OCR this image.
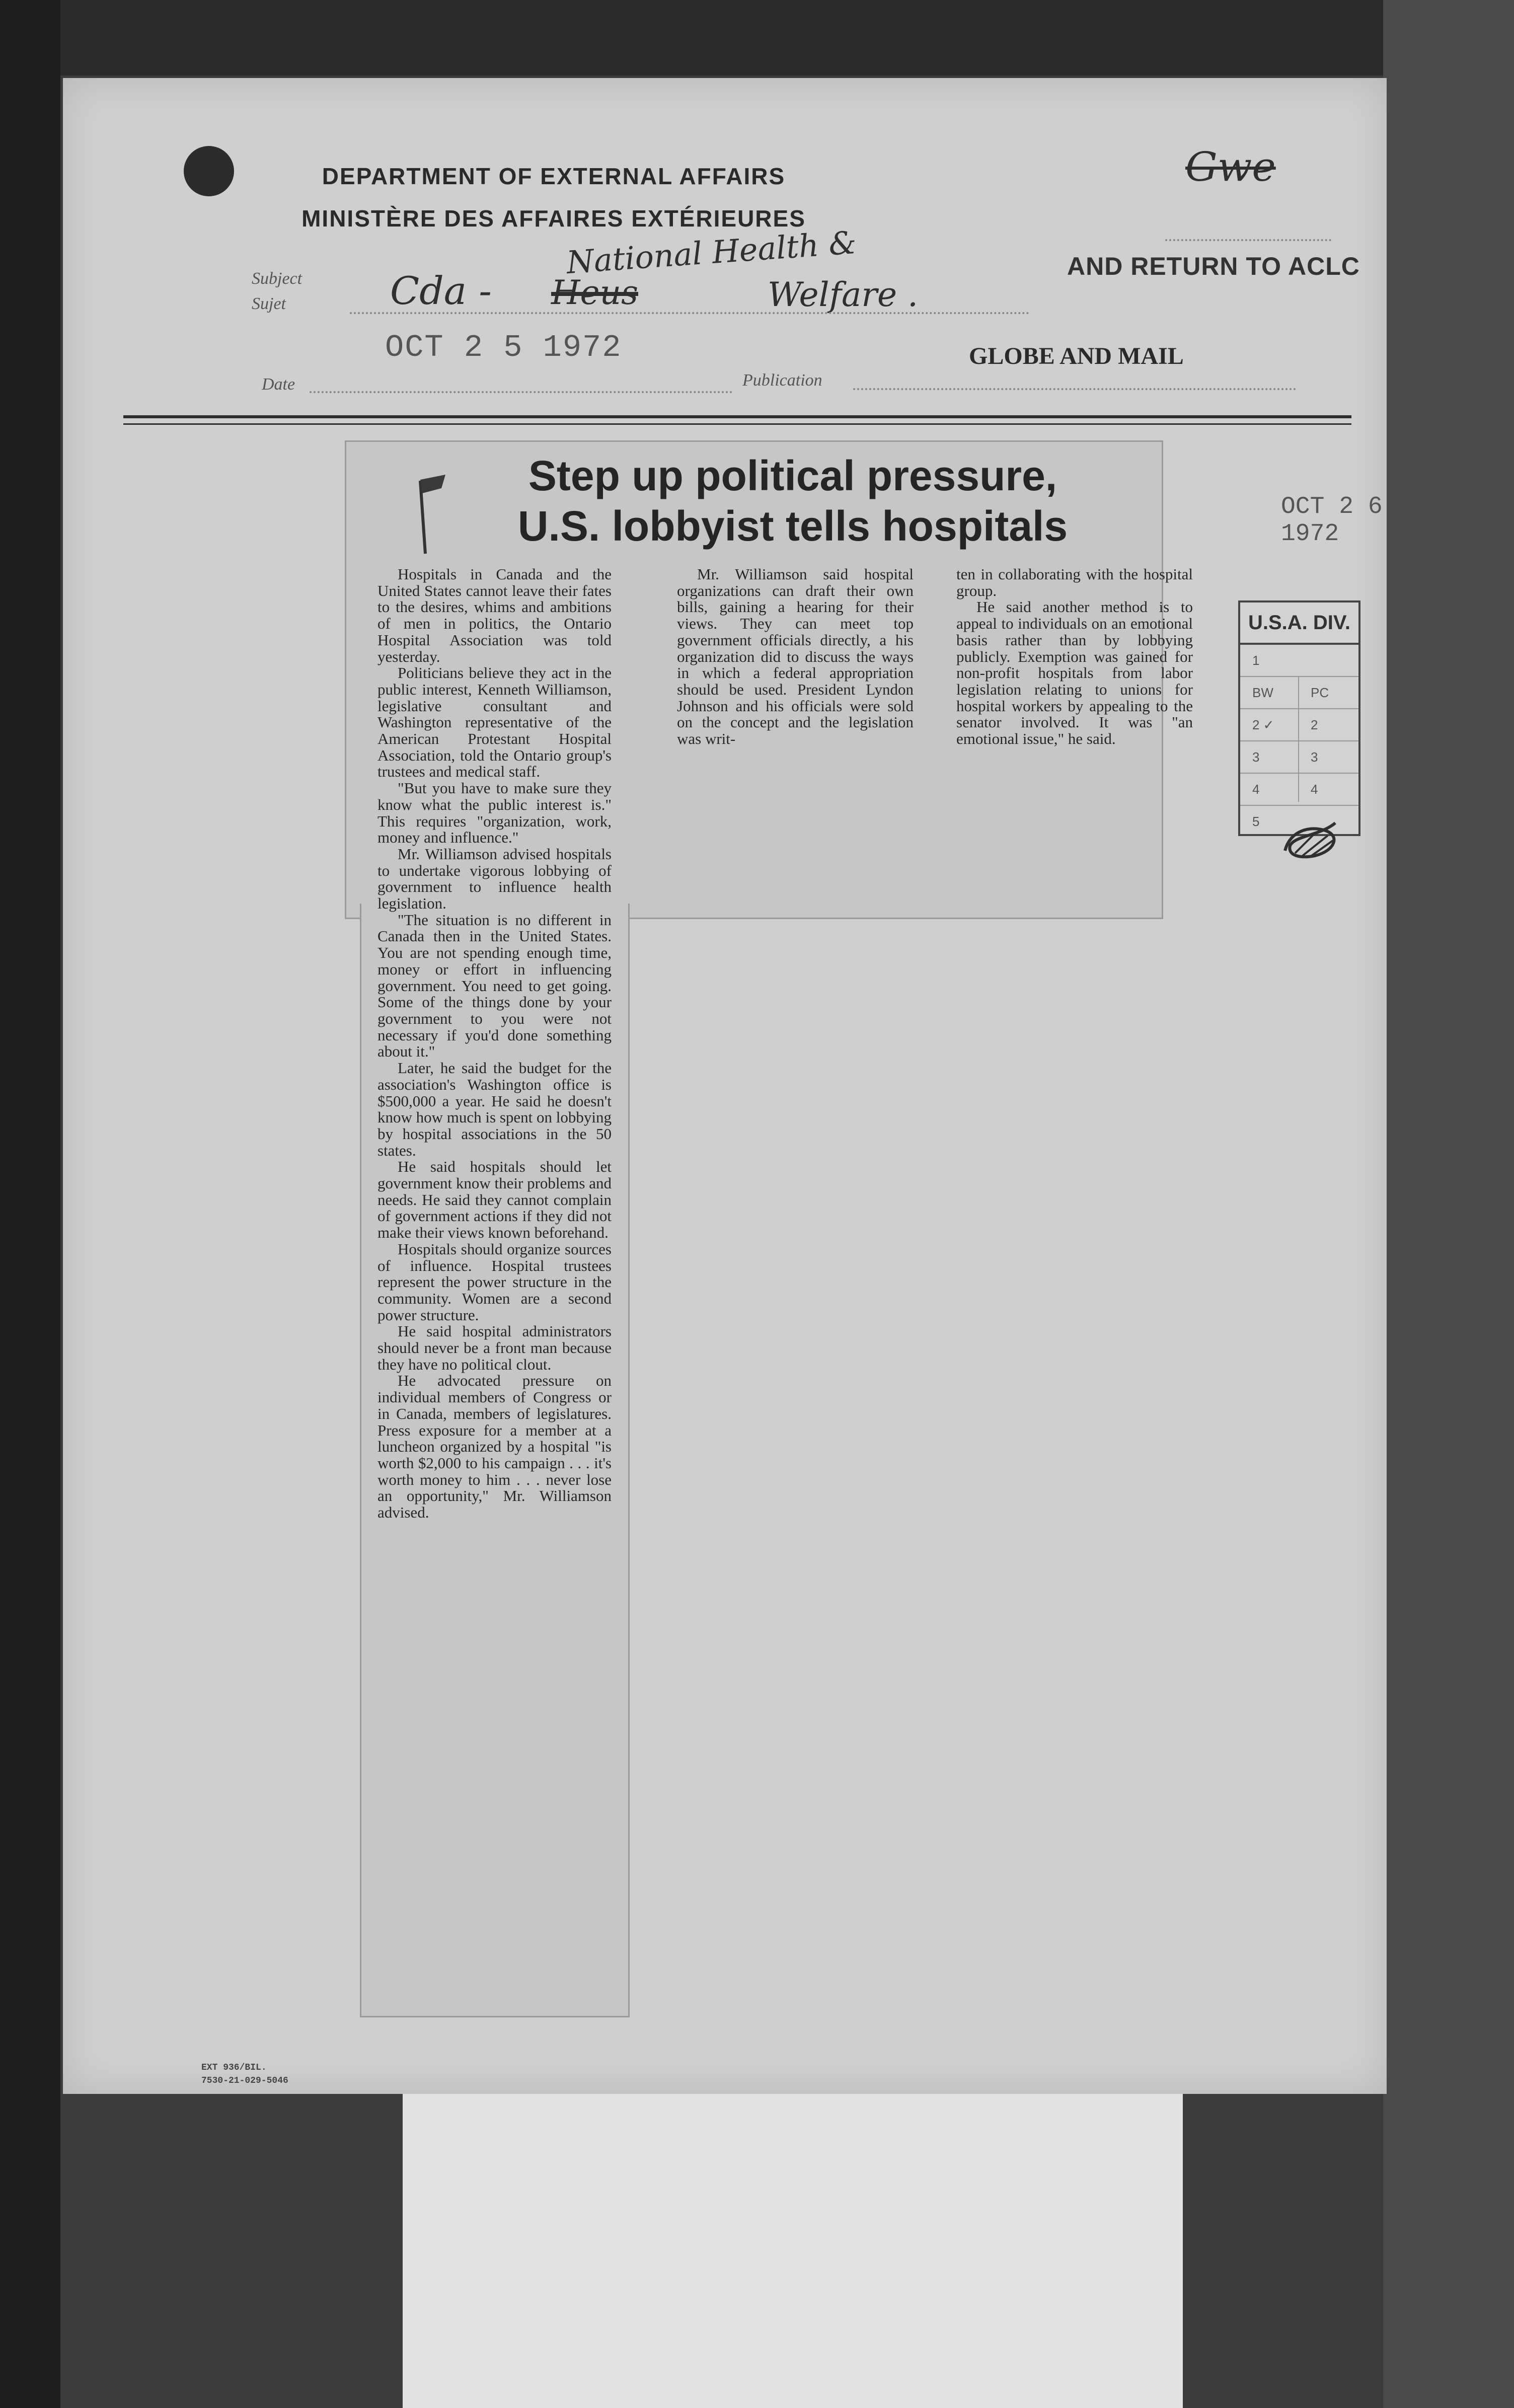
DEPARTMENT OF EXTERNAL AFFAIRS
MINISTÈRE DES AFFAIRES EXTÉRIEURES
Gwe
AND RETURN TO ACLC
Subject
Sujet
National Health &
Cda - Heus	Welfare .
OCT 2 5 1972	GLOBE AND MAIL
Date	Publication
Step up political pressure,
U.S. lobbyist tells hospitals

Hospitals in Canada and the United States cannot leave their fates to the desires, whims and ambitions of men in politics, the Ontario Hospital Association was told yesterday.

Politicians believe they act in the public interest, Kenneth Williamson, legislative consultant and Washington representative of the American Protestant Hospital Association, told the Ontario group's trustees and medical staff.

"But you have to make sure they know what the public interest is." This requires "organization, work, money and influence."

Mr. Williamson advised hospitals to undertake vigorous lobbying of government to influence health legislation.

"The situation is no different in Canada then in the United States. You are not spending enough time, money or effort in influencing government. You need to get going. Some of the things done by your government to you were not necessary if you'd done something about it."

Later, he said the budget for the association's Washington office is $500,000 a year. He said he doesn't know how much is spent on lobbying by hospital associations in the 50 states.

He said hospitals should let government know their problems and needs. He said they cannot complain of government actions if they did not make their views known beforehand.

Hospitals should organize sources of influence. Hospital trustees represent the power structure in the community. Women are a second power structure.

He said hospital administrators should never be a front man because they have no political clout.

He advocated pressure on individual members of Congress or in Canada, members of legislatures. Press exposure for a member at a luncheon organized by a hospital "is worth $2,000 to his campaign . . . it's worth money to him . . . never lose an opportunity," Mr. Williamson advised.

Mr. Williamson said hospital organizations can draft their own bills, gaining a hearing for their views. They can meet top government officials directly, a his organization did to discuss the ways in which a federal appropriation should be used. President Lyndon Johnson and his officials were sold on the concept and the legislation was writ-

ten in collaborating with the hospital group.

He said another method is to appeal to individuals on an emotional basis rather than by lobbying publicly. Exemption was gained for non-profit hospitals from labor legislation relating to unions for hospital workers by appealing to the senator involved. It was "an emotional issue," he said.

OCT 2 6 1972
U.S.A. DIV.
1
BW	PC
2 ✓	2
3	3
4	4
5
EXT 936/BIL.
7530-21-029-5046
